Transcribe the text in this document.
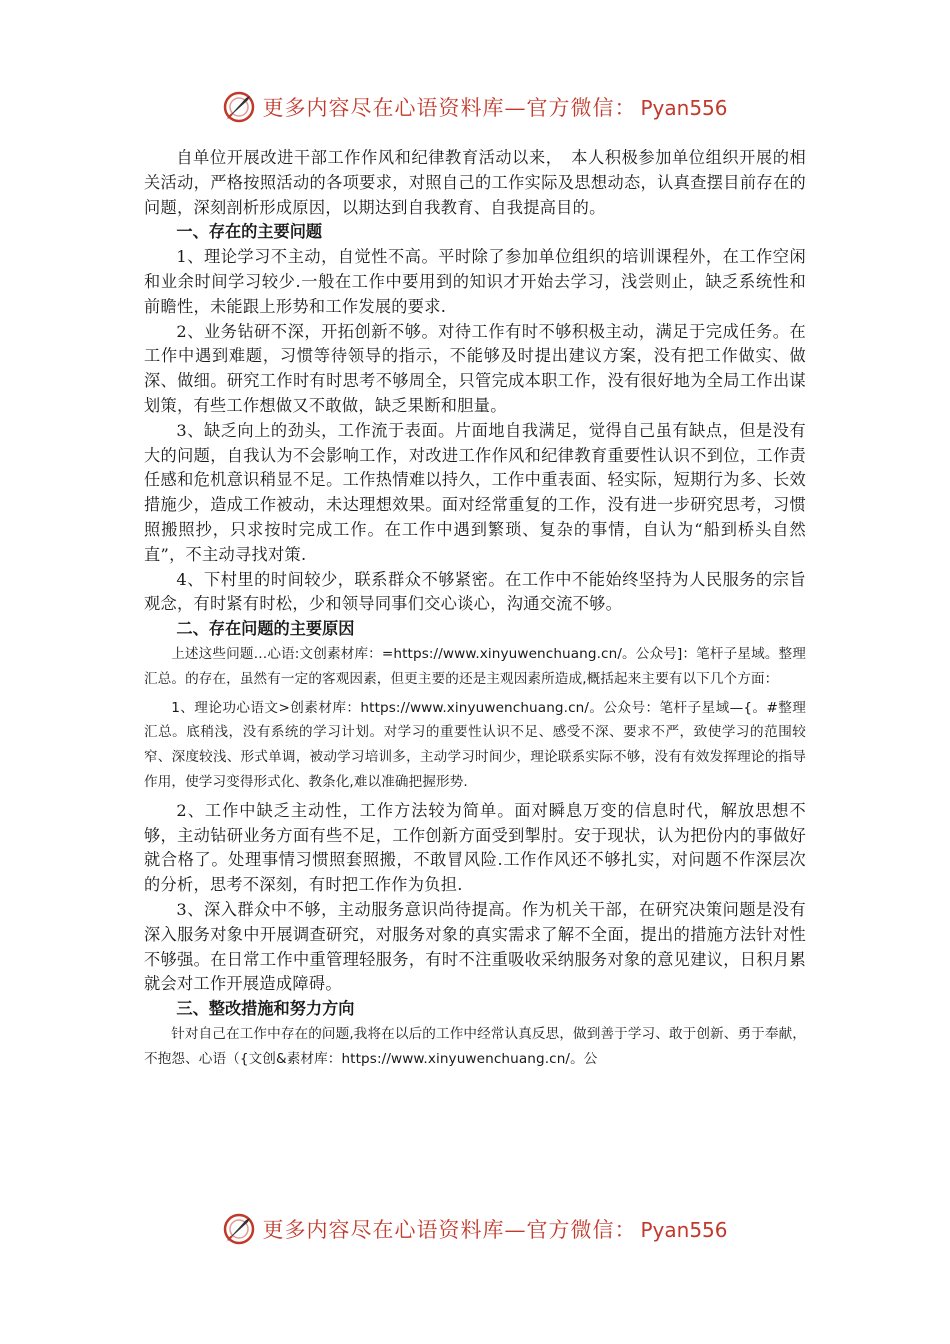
更多内容尽在心语资料库—官方微信： Pyan556

自单位开展改进干部工作作风和纪律教育活动以来，　本人积极参加单位组织开展的相关活动，严格按照活动的各项要求，对照自己的工作实际及思想动态，认真查摆目前存在的问题，深刻剖析形成原因，以期达到自我教育、自我提高目的。

一、存在的主要问题

1、理论学习不主动，自觉性不高。平时除了参加单位组织的培训课程外，在工作空闲和业余时间学习较少.一般在工作中要用到的知识才开始去学习，浅尝则止，缺乏系统性和前瞻性，未能跟上形势和工作发展的要求.

2、业务钻研不深，开拓创新不够。对待工作有时不够积极主动，满足于完成任务。在工作中遇到难题，习惯等待领导的指示，不能够及时提出建议方案，没有把工作做实、做深、做细。研究工作时有时思考不够周全，只管完成本职工作，没有很好地为全局工作出谋划策，有些工作想做又不敢做，缺乏果断和胆量。

3、缺乏向上的劲头，工作流于表面。片面地自我满足，觉得自己虽有缺点，但是没有大的问题，自我认为不会影响工作，对改进工作作风和纪律教育重要性认识不到位，工作责任感和危机意识稍显不足。工作热情难以持久，工作中重表面、轻实际，短期行为多、长效措施少，造成工作被动，未达理想效果。面对经常重复的工作，没有进一步研究思考，习惯照搬照抄，只求按时完成工作。在工作中遇到繁琐、复杂的事情，自认为“船到桥头自然直”，不主动寻找对策.

4、下村里的时间较少，联系群众不够紧密。在工作中不能始终坚持为人民服务的宗旨观念，有时紧有时松，少和领导同事们交心谈心，沟通交流不够。

二、存在问题的主要原因

上述这些问题…心语:文创素材库：=https://www.xinyuwenchuang.cn/。公众号]：笔杆子星域。整理汇总。的存在，虽然有一定的客观因素，但更主要的还是主观因素所造成,概括起来主要有以下几个方面：

1、理论功心语文>创素材库：https://www.xinyuwenchuang.cn/。公众号：笔杆子星域—{。#整理汇总。底稍浅，没有系统的学习计划。对学习的重要性认识不足、感受不深、要求不严，致使学习的范围较窄、深度较浅、形式单调，被动学习培训多，主动学习时间少，理论联系实际不够，没有有效发挥理论的指导作用，使学习变得形式化、教条化,难以准确把握形势.

2、工作中缺乏主动性，工作方法较为简单。面对瞬息万变的信息时代，解放思想不够，主动钻研业务方面有些不足，工作创新方面受到掣肘。安于现状，认为把份内的事做好就合格了。处理事情习惯照套照搬，不敢冒风险.工作作风还不够扎实，对问题不作深层次的分析，思考不深刻，有时把工作作为负担.

3、深入群众中不够，主动服务意识尚待提高。作为机关干部，在研究决策问题是没有深入服务对象中开展调查研究，对服务对象的真实需求了解不全面，提出的措施方法针对性不够强。在日常工作中重管理轻服务，有时不注重吸收采纳服务对象的意见建议，日积月累就会对工作开展造成障碍。

三、整改措施和努力方向

针对自己在工作中存在的问题,我将在以后的工作中经常认真反思，做到善于学习、敢于创新、勇于奉献，不抱怨、心语（{文创&素材库：https://www.xinyuwenchuang.cn/。公

更多内容尽在心语资料库—官方微信： Pyan556
